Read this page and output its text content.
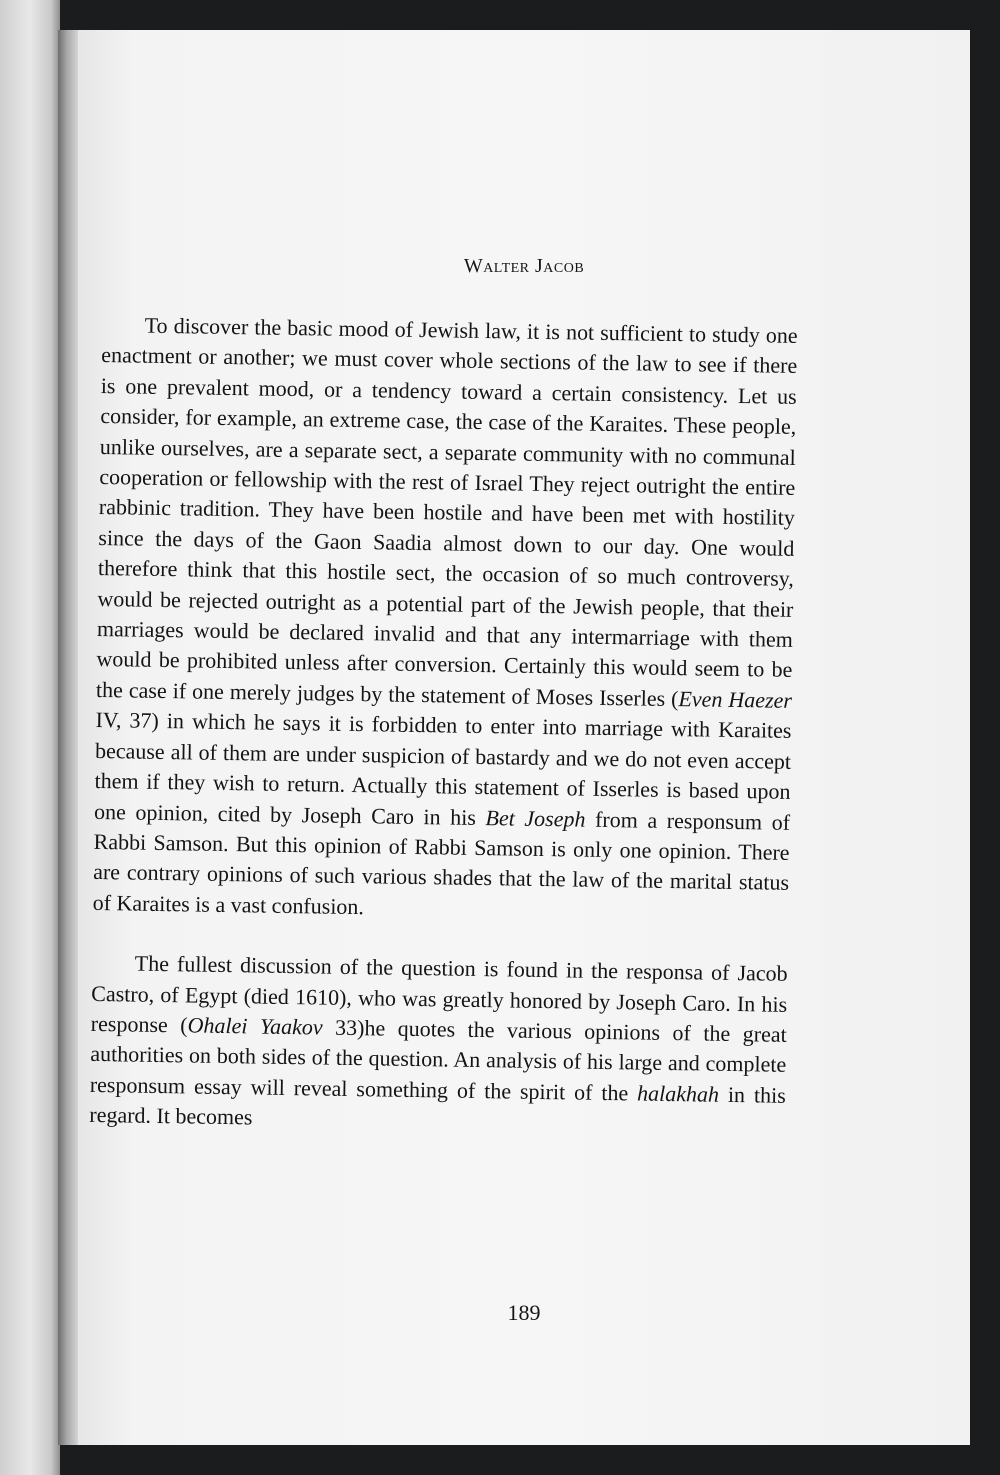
Walter Jacob

To discover the basic mood of Jewish law, it is not sufficient to study one enactment or another; we must cover whole sections of the law to see if there is one prevalent mood, or a tendency toward a certain consistency. Let us consider, for example, an extreme case, the case of the Karaites. These people, unlike ourselves, are a separate sect, a separate community with no communal cooperation or fellowship with the rest of Israel They reject outright the entire rabbinic tradition. They have been hostile and have been met with hostility since the days of the Gaon Saadia almost down to our day. One would therefore think that this hostile sect, the occasion of so much controversy, would be rejected outright as a potential part of the Jewish people, that their marriages would be declared invalid and that any intermarriage with them would be prohibited unless after conversion. Certainly this would seem to be the case if one merely judges by the statement of Moses Isserles (Even Haezer IV, 37) in which he says it is forbidden to enter into marriage with Karaites because all of them are under suspicion of bastardy and we do not even accept them if they wish to return. Actually this statement of Isserles is based upon one opinion, cited by Joseph Caro in his Bet Joseph from a responsum of Rabbi Samson. But this opinion of Rabbi Samson is only one opinion. There are contrary opinions of such various shades that the law of the marital status of Karaites is a vast confusion.

The fullest discussion of the question is found in the responsa of Jacob Castro, of Egypt (died 1610), who was greatly honored by Joseph Caro. In his response (Ohalei Yaakov 33)he quotes the various opinions of the great authorities on both sides of the question. An analysis of his large and complete responsum essay will reveal something of the spirit of the halakhah in this regard. It becomes

189
